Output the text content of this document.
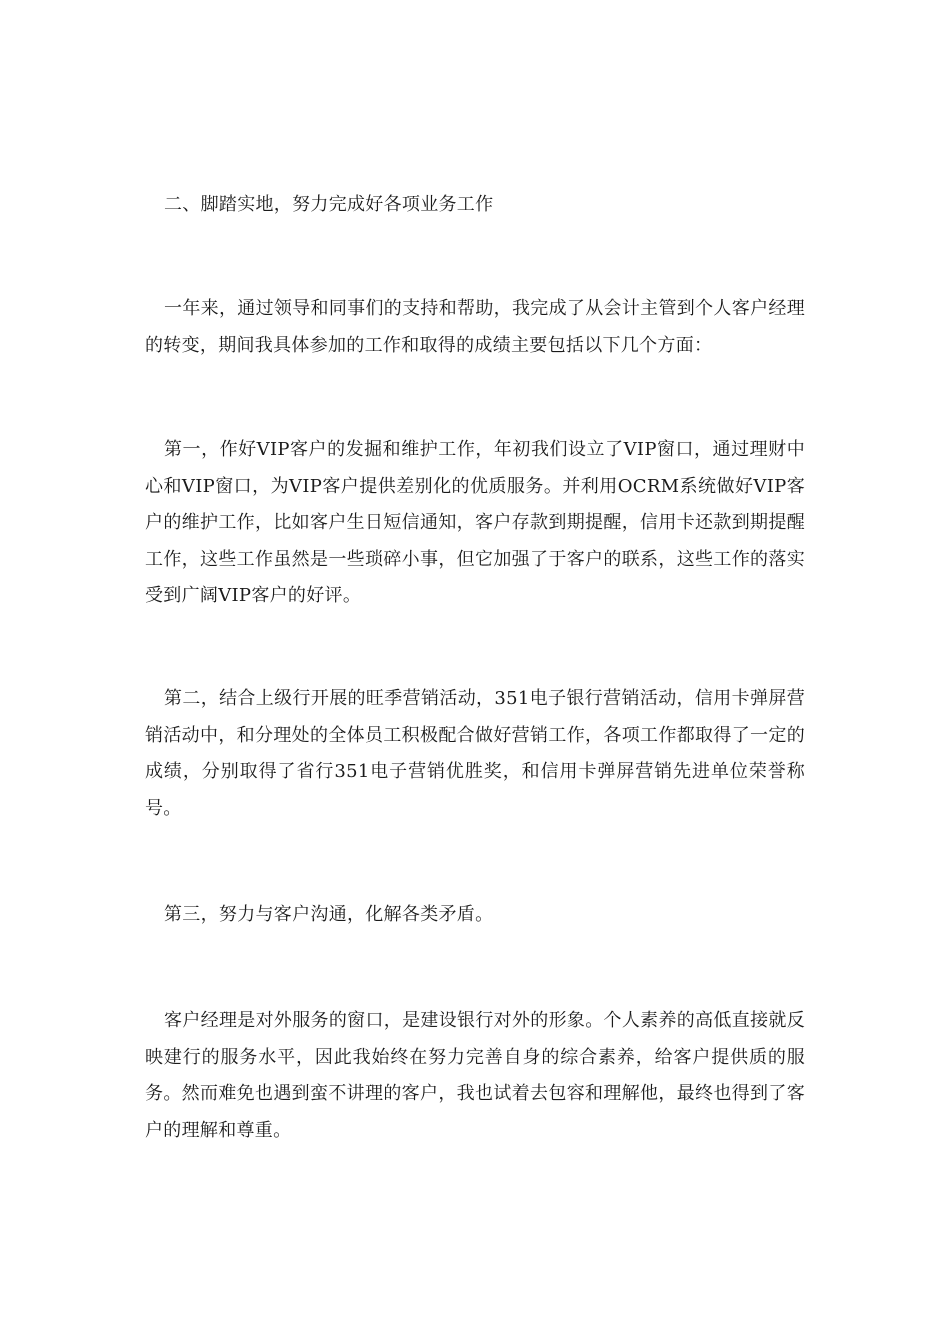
二、脚踏实地，努力完成好各项业务工作

一年来，通过领导和同事们的支持和帮助，我完成了从会计主管到个人客户经理的转变，期间我具体参加的工作和取得的成绩主要包括以下几个方面：

第一，作好VIP客户的发掘和维护工作，年初我们设立了VIP窗口，通过理财中心和VIP窗口，为VIP客户提供差别化的优质服务。并利用OCRM系统做好VIP客户的维护工作，比如客户生日短信通知，客户存款到期提醒，信用卡还款到期提醒工作，这些工作虽然是一些琐碎小事，但它加强了于客户的联系，这些工作的落实受到广阔VIP客户的好评。

第二，结合上级行开展的旺季营销活动，351电子银行营销活动，信用卡弹屏营销活动中，和分理处的全体员工积极配合做好营销工作，各项工作都取得了一定的成绩，分别取得了省行351电子营销优胜奖，和信用卡弹屏营销先进单位荣誉称号。

第三，努力与客户沟通，化解各类矛盾。

客户经理是对外服务的窗口，是建设银行对外的形象。个人素养的高低直接就反映建行的服务水平，因此我始终在努力完善自身的综合素养，给客户提供质的服务。然而难免也遇到蛮不讲理的客户，我也试着去包容和理解他，最终也得到了客户的理解和尊重。
